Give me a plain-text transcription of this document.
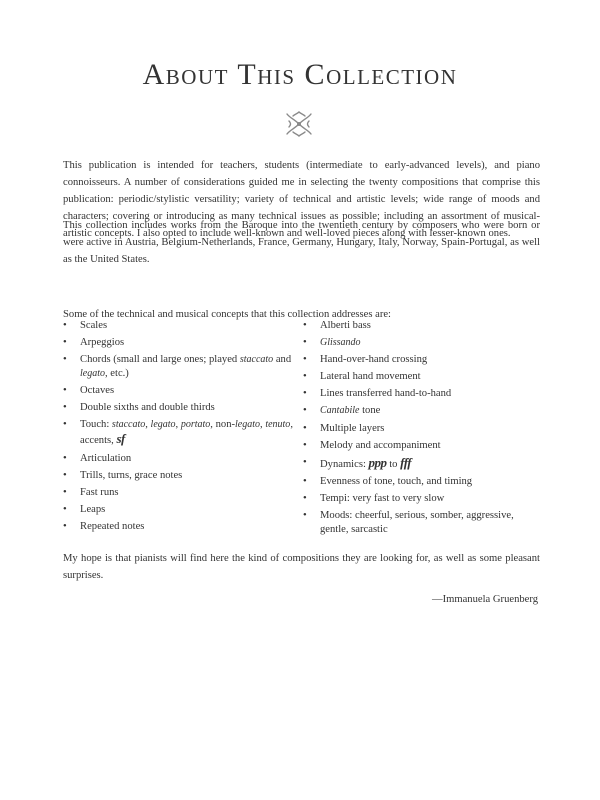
About This Collection

This publication is intended for teachers, students (intermediate to early-advanced levels), and piano connoisseurs. A number of considerations guided me in selecting the twenty compositions that comprise this publication: periodic/stylistic versatility; variety of technical and artistic levels; wide range of moods and characters; covering or introducing as many technical issues as possible; including an assortment of musical-artistic concepts. I also opted to include well-known and well-loved pieces along with lesser-known ones.

This collection includes works from the Baroque into the twentieth century by composers who were born or were active in Austria, Belgium-Netherlands, France, Germany, Hungary, Italy, Norway, Spain-Portugal, as well as the United States.

Some of the technical and musical concepts that this collection addresses are:

• Scales
• Arpeggios
• Chords (small and large ones; played staccato and legato, etc.)
• Octaves
• Double sixths and double thirds
• Touch: staccato, legato, portato, non-legato, tenuto, accents, sf
• Articulation
• Trills, turns, grace notes
• Fast runs
• Leaps
• Repeated notes
• Alberti bass
• Glissando
• Hand-over-hand crossing
• Lateral hand movement
• Lines transferred hand-to-hand
• Cantabile tone
• Multiple layers
• Melody and accompaniment
• Dynamics: ppp to fff
• Evenness of tone, touch, and timing
• Tempi: very fast to very slow
• Moods: cheerful, serious, somber, aggressive, gentle, sarcastic

My hope is that pianists will find here the kind of compositions they are looking for, as well as some pleasant surprises.

—Immanuela Gruenberg
